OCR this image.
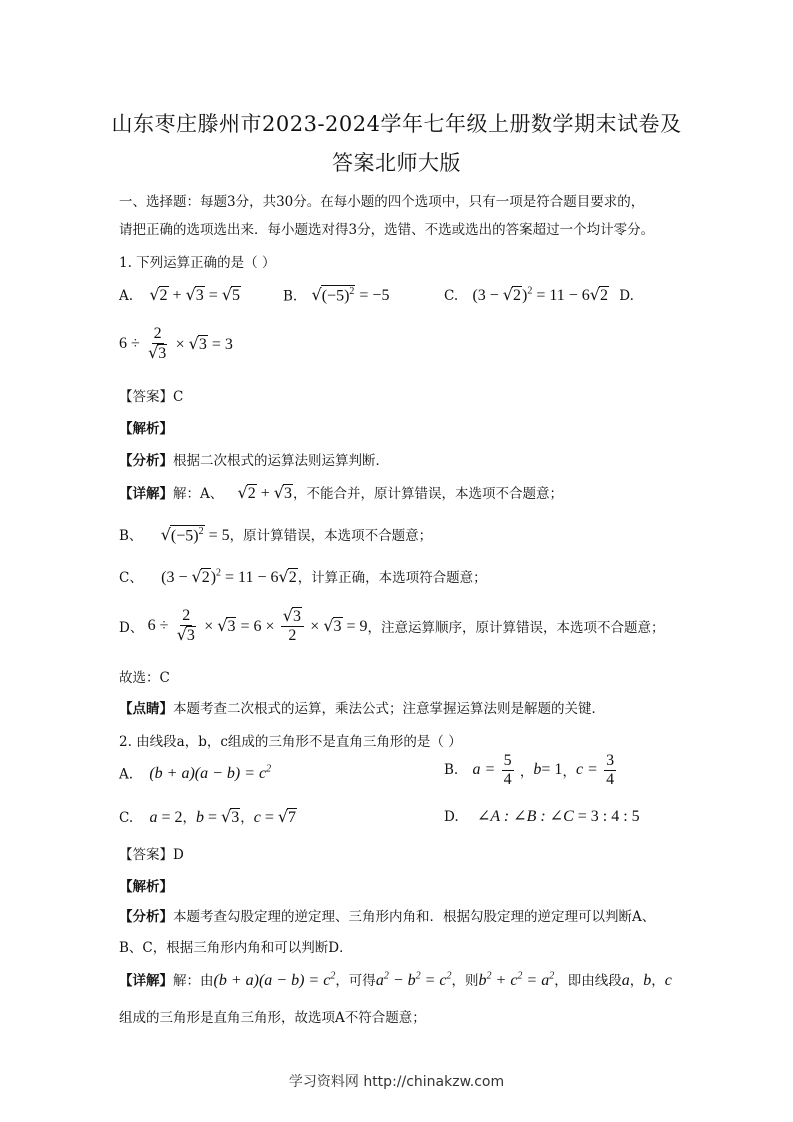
山东枣庄滕州市2023-2024学年七年级上册数学期末试卷及
答案北师大版
一、选择题：每题3分，共30分。在每小题的四个选项中，只有一项是符合题目要求的，
请把正确的选项选出来．每小题选对得3分，选错、不选或选出的答案超过一个均计零分。
1. 下列运算正确的是（ ）
A. √2 + √3 = √5	B. $√(-5)^2 = -5$	C. $(3 - √2)^2 = 11 - 6√2$ D.
$6 \div \frac{2}{√3} \times √3 = 3$
【答案】C
【解析】
【分析】根据二次根式的运算法则运算判断．
【详解】解：A、 √2 + √3，不能合并，原计算错误，本选项不合题意；
B、 $√(-5)^2 = 5$，原计算错误，本选项不合题意；
C、 $(3 - √2)^2 = 11 - 6√2$，计算正确，本选项符合题意；
D、 $6 \div \frac{2}{√3} \times √3 = 6 \times \frac{√3}{2} \times √3 = 9$，注意运算顺序，原计算错误，本选项不合题意；
故选：C
【点睛】本题考查二次根式的运算，乘法公式；注意掌握运算法则是解题的关键．
2. 由线段a，b，c组成的三角形不是直角三角形的是（ ）
A. $(b + a)(a - b) = c^2$	B. $a = \frac{5}{4}$ ，b= 1，$c = \frac{3}{4}$
C. a = 2，b = √3，c = √7	D. ∠A : ∠B : ∠C = 3 : 4 : 5
【答案】D
【解析】
【分析】本题考查勾股定理的逆定理、三角形内角和．根据勾股定理的逆定理可以判断A、
B、C，根据三角形内角和可以判断D．
【详解】解：由$(b + a)(a - b) = c^2$，可得$a^2 - b^2 = c^2$，则$b^2 + c^2 = a^2$，即由线段a，b，c
组成的三角形是直角三角形，故选项A不符合题意；
学习资料网 http://chinakzw.com
